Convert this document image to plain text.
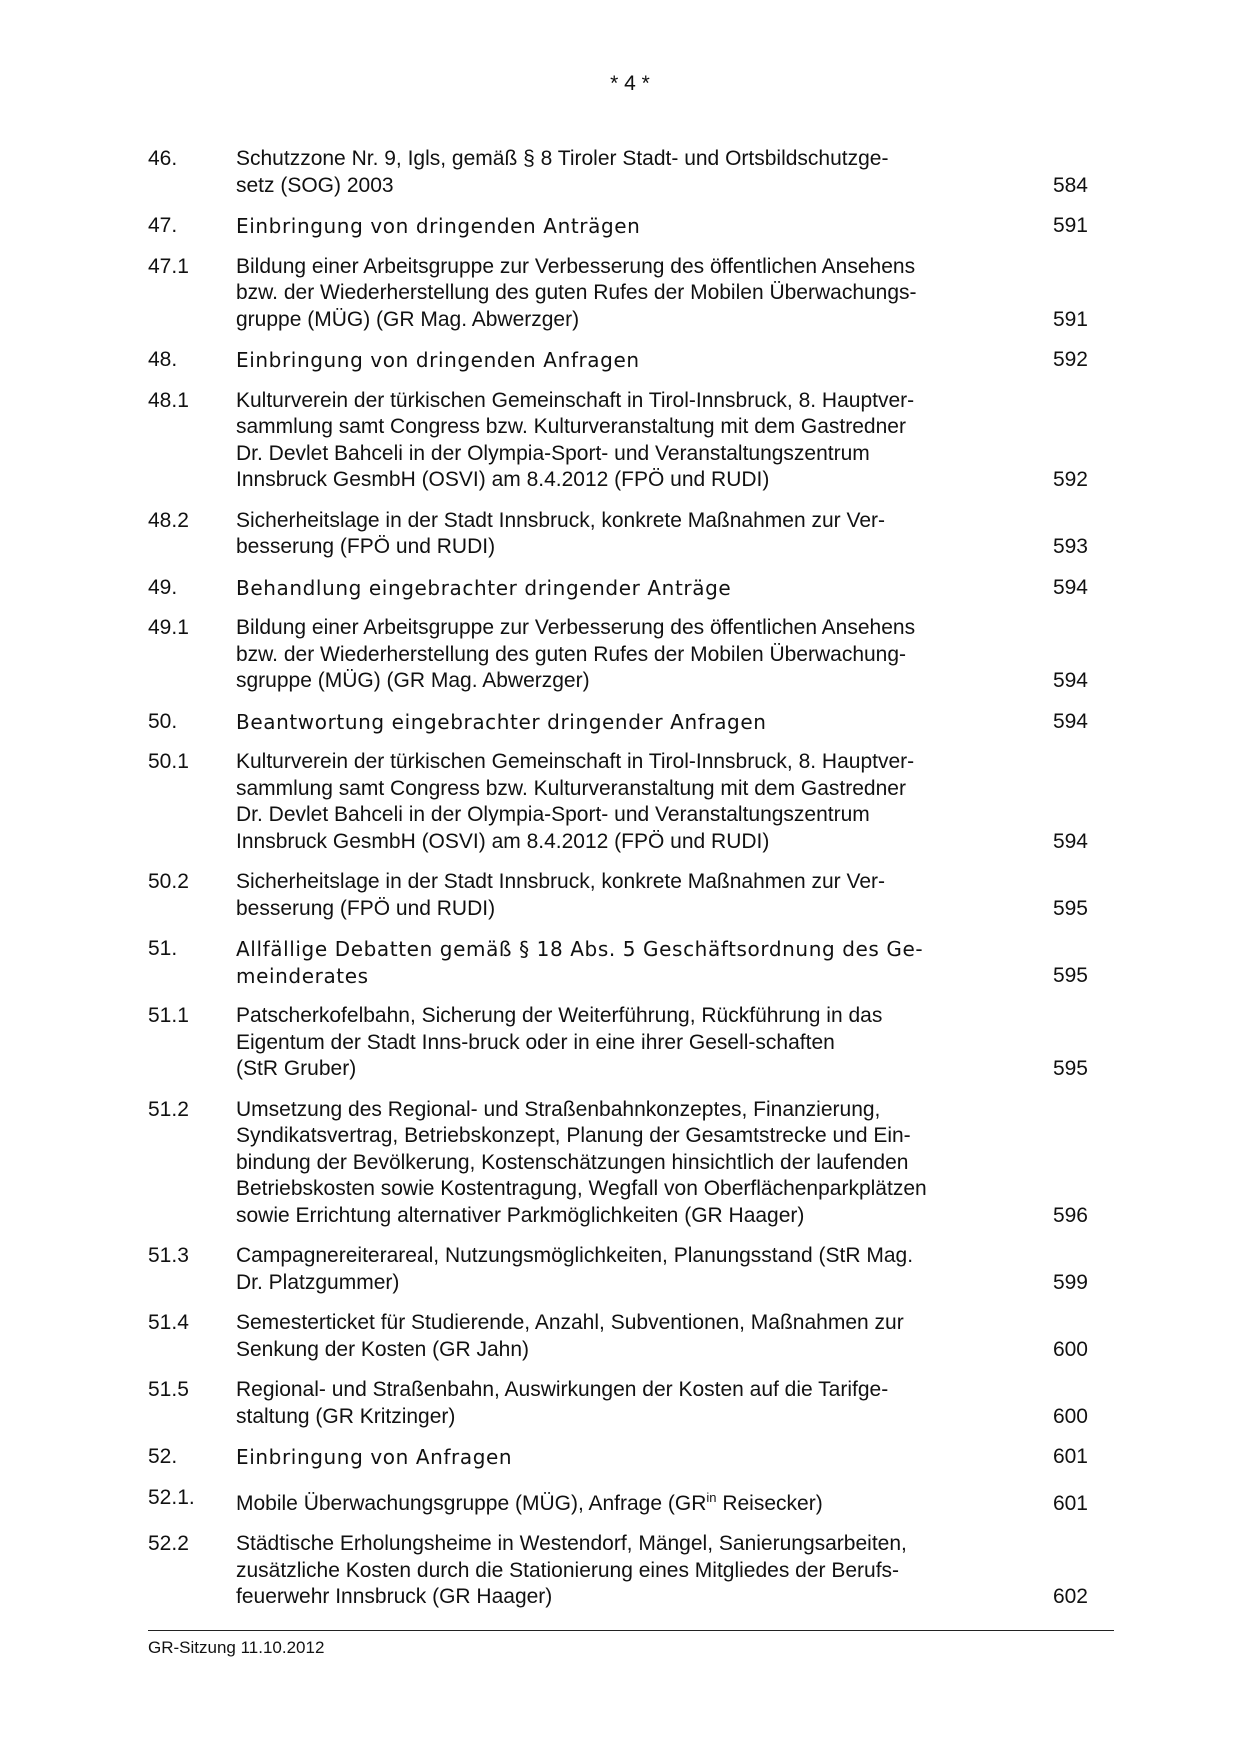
* 4 *
46.	Schutzzone Nr. 9, Igls, gemäß § 8 Tiroler Stadt- und Ortsbildschutzge-
setz (SOG) 2003	584
47.	Einbringung von dringenden Anträgen	591
47.1	Bildung einer Arbeitsgruppe zur Verbesserung des öffentlichen Ansehens
bzw. der Wiederherstellung des guten Rufes der Mobilen Überwachungs-
gruppe (MÜG) (GR Mag. Abwerzger)	591
48.	Einbringung von dringenden Anfragen	592
48.1	Kulturverein der türkischen Gemeinschaft in Tirol-Innsbruck, 8. Hauptver-
sammlung samt Congress bzw. Kulturveranstaltung mit dem Gastredner
Dr. Devlet Bahceli in der Olympia-Sport- und Veranstaltungszentrum
Innsbruck GesmbH (OSVI) am 8.4.2012 (FPÖ und RUDI)	592
48.2	Sicherheitslage in der Stadt Innsbruck, konkrete Maßnahmen zur Ver-
besserung (FPÖ und RUDI)	593
49.	Behandlung eingebrachter dringender Anträge	594
49.1	Bildung einer Arbeitsgruppe zur Verbesserung des öffentlichen Ansehens
bzw. der Wiederherstellung des guten Rufes der Mobilen Überwachung-
sgruppe (MÜG) (GR Mag. Abwerzger)	594
50.	Beantwortung eingebrachter dringender Anfragen	594
50.1	Kulturverein der türkischen Gemeinschaft in Tirol-Innsbruck, 8. Hauptver-
sammlung samt Congress bzw. Kulturveranstaltung mit dem Gastredner
Dr. Devlet Bahceli in der Olympia-Sport- und Veranstaltungszentrum
Innsbruck GesmbH (OSVI) am 8.4.2012 (FPÖ und RUDI)	594
50.2	Sicherheitslage in der Stadt Innsbruck, konkrete Maßnahmen zur Ver-
besserung (FPÖ und RUDI)	595
51.	Allfällige Debatten gemäß § 18 Abs. 5 Geschäftsordnung des Ge-
meinderates	595
51.1	Patscherkofelbahn, Sicherung der Weiterführung, Rückführung in das
Eigentum der Stadt Inns-bruck oder in eine ihrer Gesell-schaften
(StR Gruber)	595
51.2	Umsetzung des Regional- und Straßenbahnkonzeptes, Finanzierung,
Syndikatsvertrag, Betriebskonzept, Planung der Gesamtstrecke und Ein-
bindung der Bevölkerung, Kostenschätzungen hinsichtlich der laufenden
Betriebskosten sowie Kostentragung, Wegfall von Oberflächenparkplätzen
sowie Errichtung alternativer Parkmöglichkeiten (GR Haager)	596
51.3	Campagnereiterareal, Nutzungsmöglichkeiten, Planungsstand (StR Mag.
Dr. Platzgummer)	599
51.4	Semesterticket für Studierende, Anzahl, Subventionen, Maßnahmen zur
Senkung der Kosten (GR Jahn)	600
51.5	Regional- und Straßenbahn, Auswirkungen der Kosten auf die Tarifge-
staltung (GR Kritzinger)	600
52.	Einbringung von Anfragen	601
52.1.	Mobile Überwachungsgruppe (MÜG), Anfrage ($GR^{in}$ Reisecker)	601
52.2	Städtische Erholungsheime in Westendorf, Mängel, Sanierungsarbeiten,
zusätzliche Kosten durch die Stationierung eines Mitgliedes der Berufs-
feuerwehr Innsbruck (GR Haager)	602
GR-Sitzung 11.10.2012
